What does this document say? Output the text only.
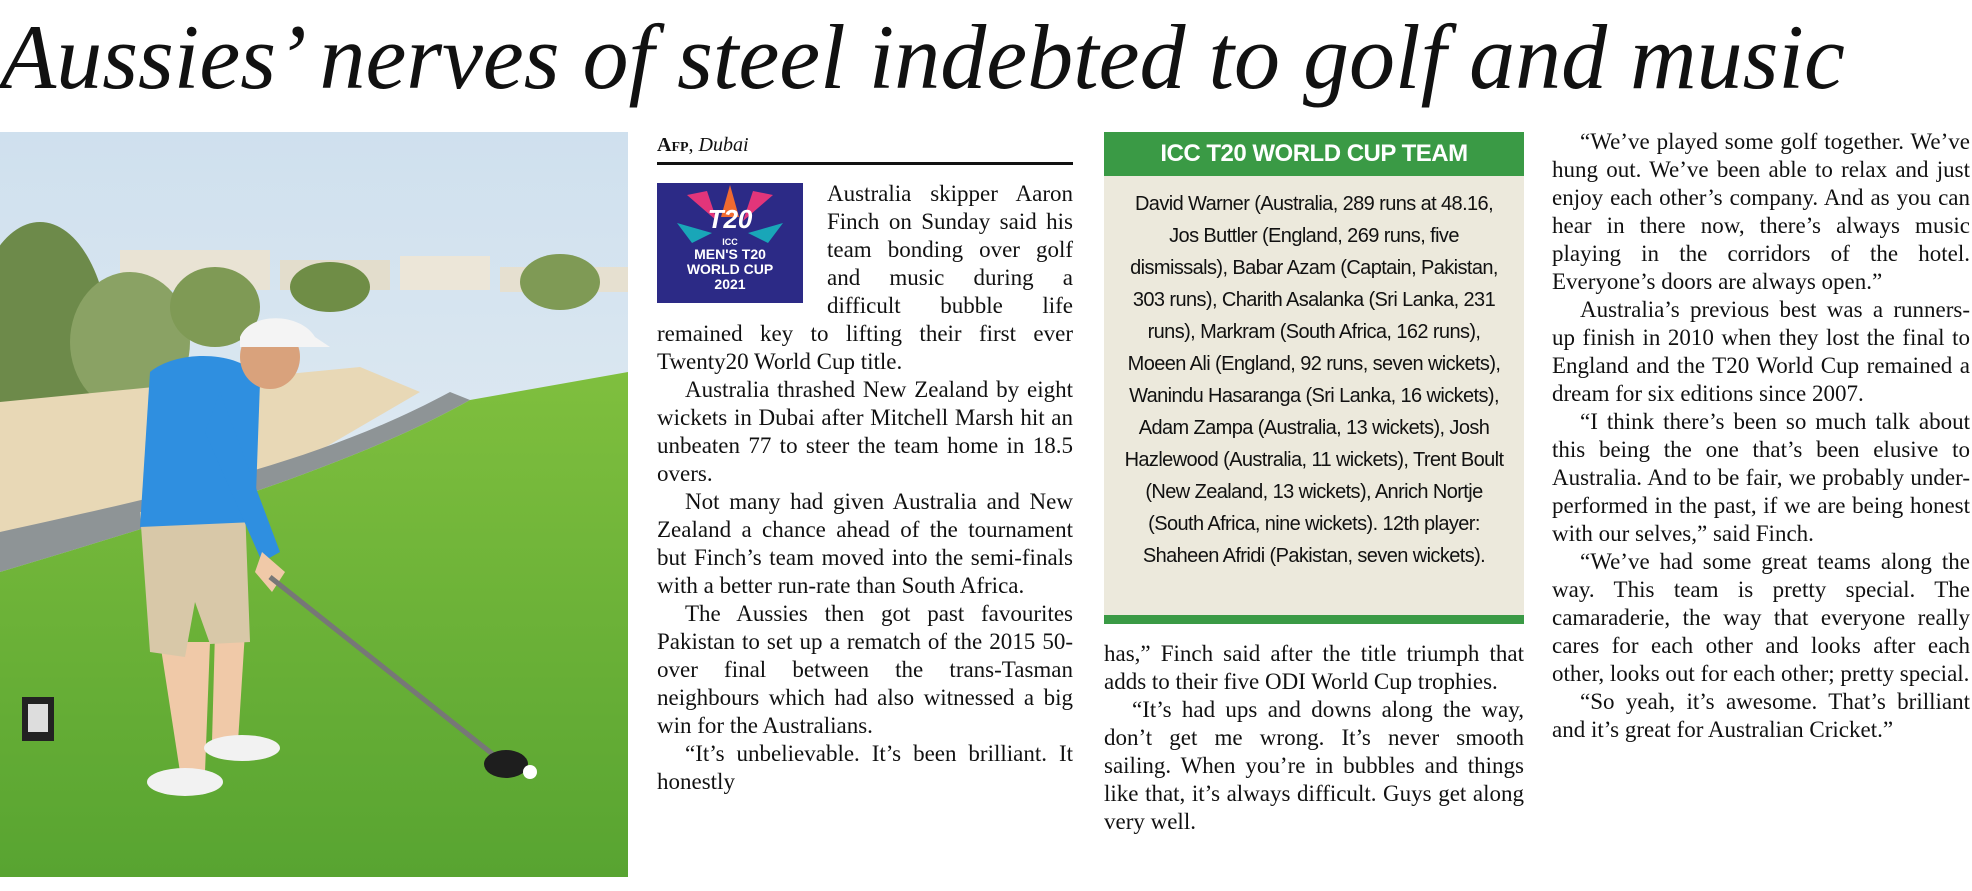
Aussies’ nerves of steel indebted to golf and music
Afp, Dubai
T20
ICC
MEN'S T20
WORLD CUP
2021

Australia skipper Aaron Finch on Sunday said his team bonding over golf and music during a difficult bubble life remained key to lifting their first ever Twenty20 World Cup title.

Australia thrashed New Zealand by eight wickets in Dubai after Mitchell Marsh hit an unbeaten 77 to steer the team home in 18.5 overs.

Not many had given Australia and New Zealand a chance ahead of the tournament but Finch’s team moved into the semi-finals with a better run-rate than South Africa.

The Aussies then got past favourites Pakistan to set up a rematch of the 2015 50-over final between the trans-Tasman neighbours which had also witnessed a big win for the Australians.

“It’s unbelievable. It’s been brilliant. It honestly

ICC T20 WORLD CUP TEAM
David Warner (Australia, 289 runs at 48.16, Jos Buttler (England, 269 runs, five dismissals), Babar Azam (Captain, Pakistan, 303 runs), Charith Asalanka (Sri Lanka, 231 runs), Markram (South Africa, 162 runs), Moeen Ali (England, 92 runs, seven wickets), Wanindu Hasaranga (Sri Lanka, 16 wickets), Adam Zampa (Australia, 13 wickets), Josh Hazlewood (Australia, 11 wickets), Trent Boult (New Zealand, 13 wickets), Anrich Nortje (South Africa, nine wickets). 12th player: Shaheen Afridi (Pakistan, seven wickets).

has,” Finch said after the title triumph that adds to their five ODI World Cup trophies.

“It’s had ups and downs along the way, don’t get me wrong. It’s never smooth sailing. When you’re in bubbles and things like that, it’s always difficult. Guys get along very well.

“We’ve played some golf together. We’ve hung out. We’ve been able to relax and just enjoy each other’s company. And as you can hear in there now, there’s always music playing in the corridors of the hotel. Everyone’s doors are always open.”

Australia’s previous best was a runners-up finish in 2010 when they lost the final to England and the T20 World Cup remained a dream for six editions since 2007.

“I think there’s been so much talk about this being the one that’s been elusive to Australia. And to be fair, we probably under-performed in the past, if we are being honest with our selves,” said Finch.

“We’ve had some great teams along the way. This team is pretty special. The camaraderie, the way that everyone really cares for each other and looks after each other, looks out for each other; pretty special.

“So yeah, it’s awesome. That’s brilliant and it’s great for Australian Cricket.”
